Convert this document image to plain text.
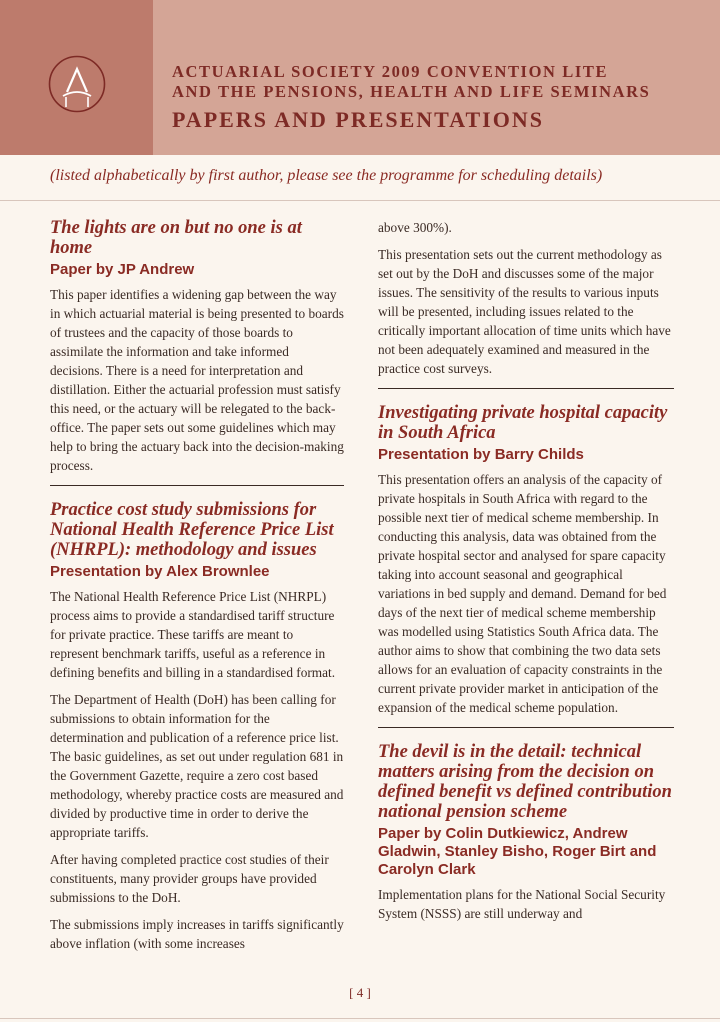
ACTUARIAL SOCIETY 2009 CONVENTION LITE
AND THE PENSIONS, HEALTH AND LIFE SEMINARS
PAPERS AND PRESENTATIONS
(listed alphabetically by first author, please see the programme for scheduling details)
The lights are on but no one is at home
Paper by JP Andrew

This paper identifies a widening gap between the way in which actuarial material is being presented to boards of trustees and the capacity of those boards to assimilate the information and take informed decisions. There is a need for interpretation and distillation. Either the actuarial profession must satisfy this need, or the actuary will be relegated to the back-office. The paper sets out some guidelines which may help to bring the actuary back into the decision-making process.

Practice cost study submissions for National Health Reference Price List (NHRPL): methodology and issues
Presentation by Alex Brownlee

The National Health Reference Price List (NHRPL) process aims to provide a standardised tariff structure for private practice. These tariffs are meant to represent benchmark tariffs, useful as a reference in defining benefits and billing in a standardised format.

The Department of Health (DoH) has been calling for submissions to obtain information for the determination and publication of a reference price list. The basic guidelines, as set out under regulation 681 in the Government Gazette, require a zero cost based methodology, whereby practice costs are measured and divided by productive time in order to derive the appropriate tariffs.

After having completed practice cost studies of their constituents, many provider groups have provided submissions to the DoH.

The submissions imply increases in tariffs significantly above inflation (with some increases

above 300%).

This presentation sets out the current methodology as set out by the DoH and discusses some of the major issues. The sensitivity of the results to various inputs will be presented, including issues related to the critically important allocation of time units which have not been adequately examined and measured in the practice cost surveys.

Investigating private hospital capacity in South Africa
Presentation by Barry Childs

This presentation offers an analysis of the capacity of private hospitals in South Africa with regard to the possible next tier of medical scheme membership. In conducting this analysis, data was obtained from the private hospital sector and analysed for spare capacity taking into account seasonal and geographical variations in bed supply and demand. Demand for bed days of the next tier of medical scheme membership was modelled using Statistics South Africa data. The author aims to show that combining the two data sets allows for an evaluation of capacity constraints in the current private provider market in anticipation of the expansion of the medical scheme population.

The devil is in the detail: technical matters arising from the decision on defined benefit vs defined contribution national pension scheme
Paper by Colin Dutkiewicz, Andrew Gladwin, Stanley Bisho, Roger Birt and Carolyn Clark

Implementation plans for the National Social Security System (NSSS) are still underway and

[ 4 ]
